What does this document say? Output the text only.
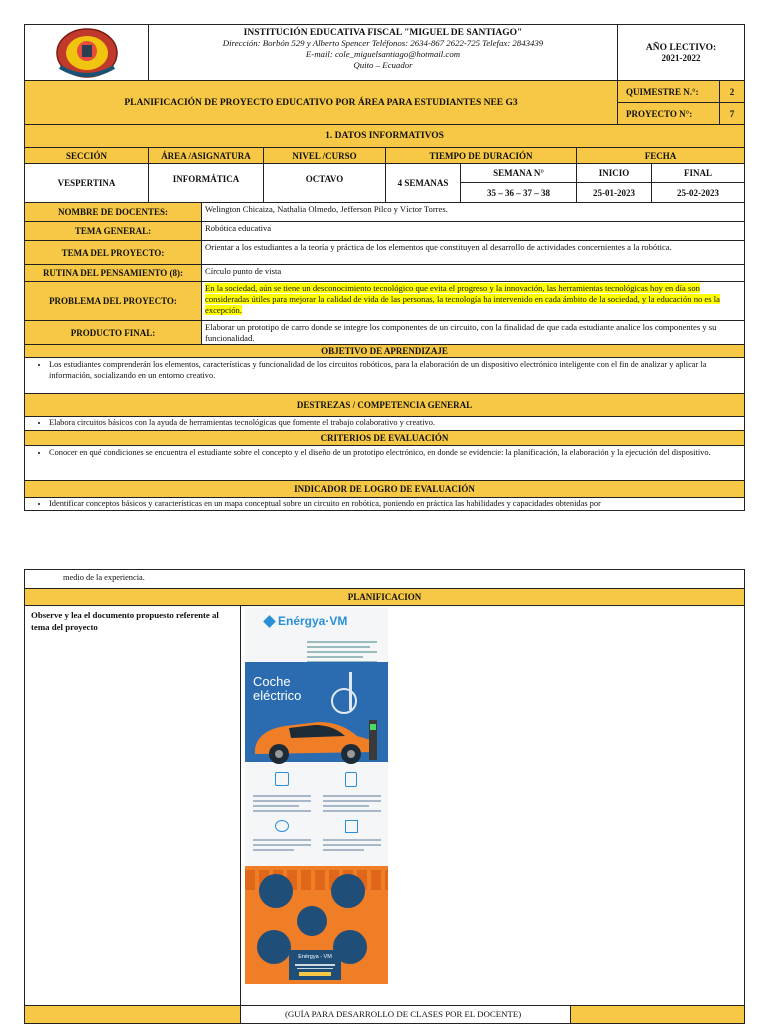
INSTITUCIÓN EDUCATIVA FISCAL "MIGUEL DE SANTIAGO"
Dirección: Borbón 529 y Alberto Spencer Teléfonos: 2634-867 2622-725 Telefax: 2843439
E-mail: cole_miguelsantiago@hotmail.com
Quito – Ecuador
AÑO LECTIVO:
2021-2022
PLANIFICACIÓN DE PROYECTO EDUCATIVO POR ÁREA PARA ESTUDIANTES NEE G3
QUIMESTRE N.°:	2
PROYECTO N°:	7
1. DATOS INFORMATIVOS
SECCIÓN	ÁREA /ASIGNATURA	NIVEL /CURSO	TIEMPO DE DURACIÓN	FECHA
VESPERTINA	INFORMÁTICA	OCTAVO	4 SEMANAS
SEMANA N°
35 – 36 – 37 – 38
INICIO
25-01-2023
FINAL
25-02-2023
NOMBRE DE DOCENTES:	Welington Chicaiza, Nathalia Olmedo, Jefferson Pilco y Víctor Torres.
TEMA GENERAL:	Robótica educativa
TEMA DEL PROYECTO:
Orientar a los estudiantes a la teoría y práctica de los elementos que constituyen al desarrollo de actividades concernientes a la robótica.
RUTINA DEL PENSAMIENTO (8):	Círculo punto de vista
PROBLEMA DEL PROYECTO:
En la sociedad, aún se tiene un desconocimiento tecnológico que evita el progreso y la innovación, las herramientas tecnológicas hoy en día son consideradas útiles para mejorar la calidad de vida de las personas, la tecnología ha intervenido en cada ámbito de la sociedad, y la educación no es la excepción.
PRODUCTO FINAL:
Elaborar un prototipo de carro donde se integre los componentes de un circuito, con la finalidad de que cada estudiante analice los componentes y su funcionalidad.
OBJETIVO DE APRENDIZAJE
• Los estudiantes comprenderán los elementos, características y funcionalidad de los circuitos robóticos, para la elaboración de un dispositivo electrónico inteligente con el fin de analizar y aplicar la información, socializando en un entorno creativo.
DESTREZAS / COMPETENCIA GENERAL
• Elabora circuitos básicos con la ayuda de herramientas tecnológicas que fomente el trabajo colaborativo y creativo.
CRITERIOS DE EVALUACIÓN
• Conocer en qué condiciones se encuentra el estudiante sobre el concepto y el diseño de un prototipo electrónico, en donde se evidencie: la planificación, la elaboración y la ejecución del dispositivo.
INDICADOR DE LOGRO DE EVALUACIÓN
• Identificar conceptos básicos y características en un mapa conceptual sobre un circuito en robótica, poniendo en práctica las habilidades y capacidades obtenidas por
medio de la experiencia.
PLANIFICACION
Observe y lea el documento propuesto referente al tema del proyecto	Enérgya·VM
Coche
eléctrico
Enérgya - VM
(GUÍA PARA DESARROLLO DE CLASES POR EL DOCENTE)
